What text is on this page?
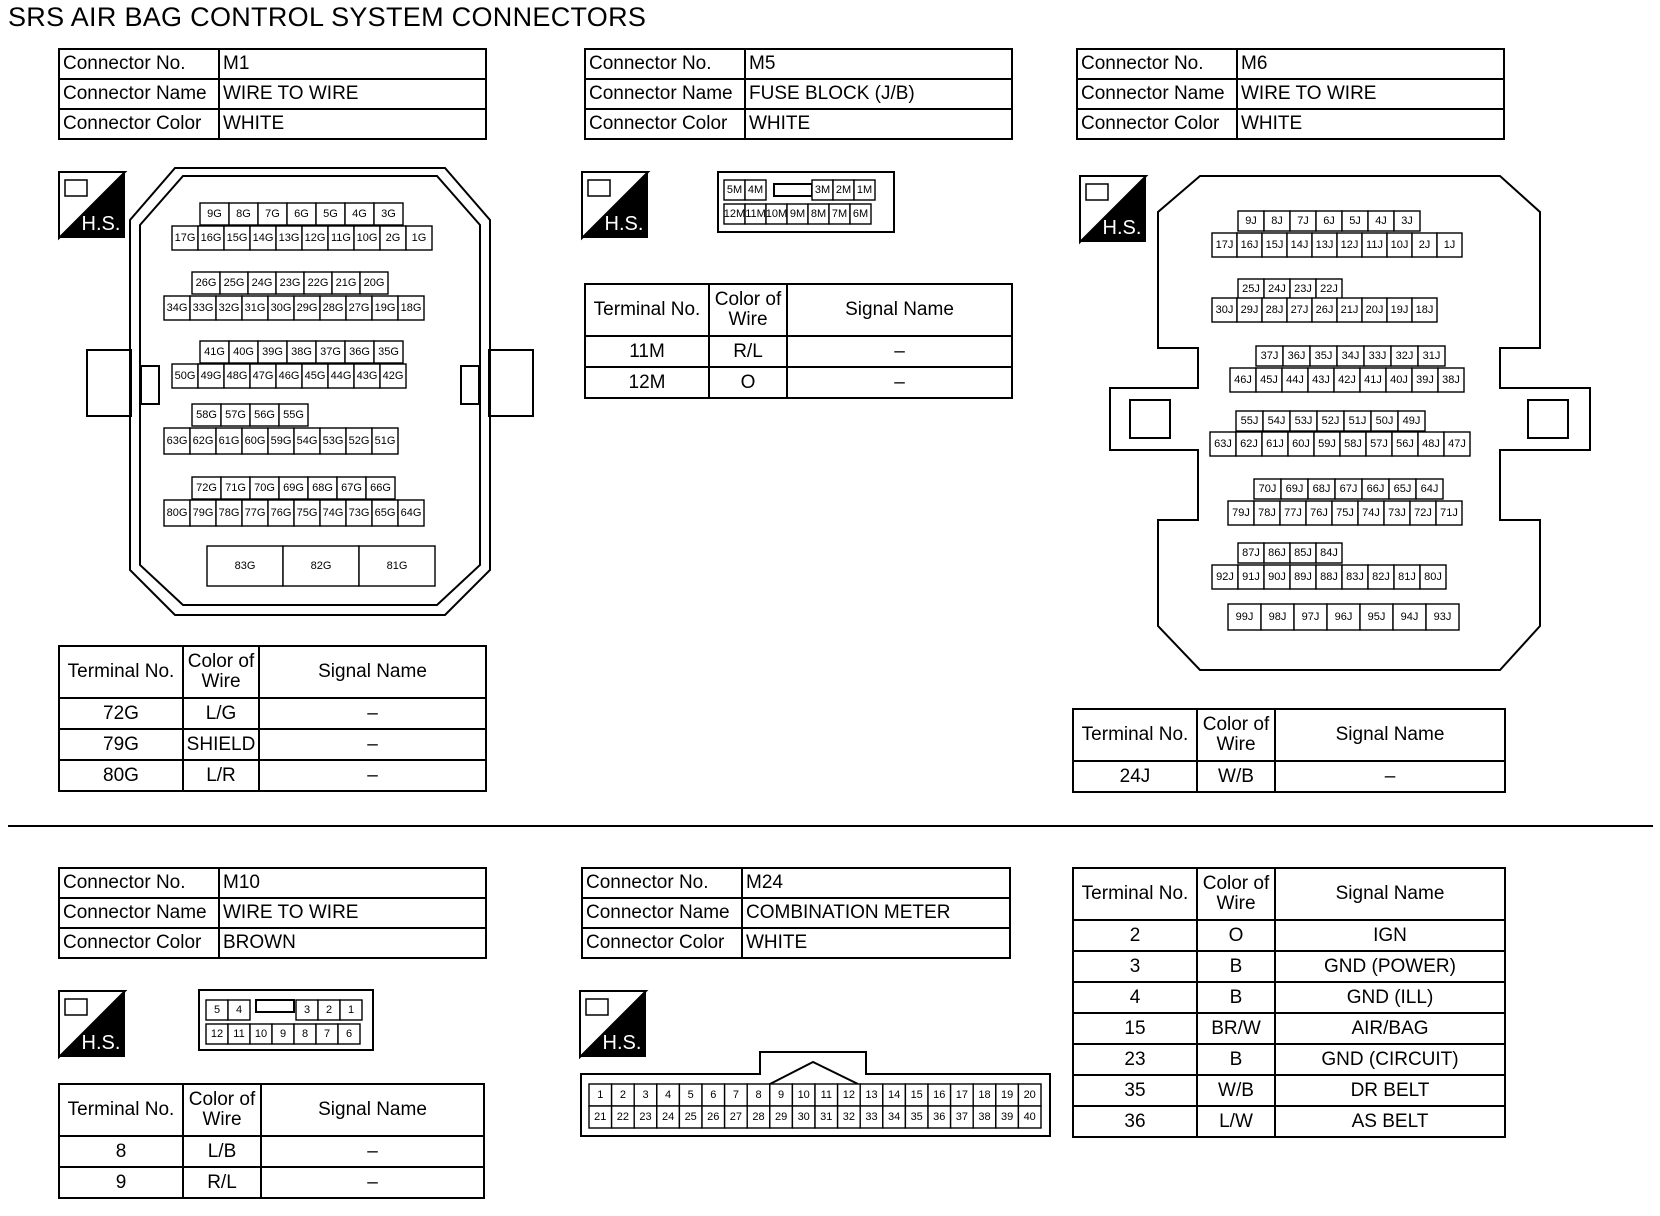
SRS AIR BAG CONTROL SYSTEM CONNECTORS
Connector No.	M1
Connector Name	WIRE TO WIRE
Connector Color	WHITE
Terminal No.	Color of Wire	Signal Name
72G	L/G	–
79G	SHIELD	–
80G	L/R	–
Connector No.	M5
Connector Name	FUSE BLOCK (J/B)
Connector Color	WHITE
Terminal No.	Color of Wire	Signal Name
11M	R/L	–
12M	O	–
Connector No.	M6
Connector Name	WIRE TO WIRE
Connector Color	WHITE
Terminal No.	Color of Wire	Signal Name
24J	W/B	–
Connector No.	M10
Connector Name	WIRE TO WIRE
Connector Color	BROWN
Terminal No.	Color of Wire	Signal Name
8	L/B	–
9	R/L	–
Connector No.	M24
Connector Name	COMBINATION METER
Connector Color	WHITE
Terminal No.	Color of Wire	Signal Name
2	O	IGN
3	B	GND (POWER)
4	B	GND (ILL)
15	BR/W	AIR/BAG
23	B	GND (CIRCUIT)
35	W/B	DR BELT
36	L/W	AS BELT
H.S.	H.S.	H.S.
H.S.	H.S.
9G 8G 7G 6G 5G 4G 3G
17G 16G 15G 14G 13G 12G 11G 10G 2G 1G
26G 25G 24G 23G 22G 21G 20G
34G 33G 32G 31G 30G 29G 28G 27G 19G 18G
41G 40G 39G 38G 37G 36G 35G
50G 49G 48G 47G 46G 45G 44G 43G 42G
58G 57G 56G 55G
63G 62G 61G 60G 59G 54G 53G 52G 51G
72G 71G 70G 69G 68G 67G 66G
80G 79G 78G 77G 76G 75G 74G 73G 65G 64G
83G	82G	81G
5M 4M	3M 2M 1M
12M 11M 10M 9M 8M 7M 6M
9J 8J 7J 6J 5J 4J 3J
17J 16J 15J 14J 13J 12J 11J 10J 2J 1J
25J 24J 23J 22J
30J 29J 28J 27J 26J 21J 20J 19J 18J
37J 36J 35J 34J 33J 32J 31J
46J 45J 44J 43J 42J 41J 40J 39J 38J
55J 54J 53J 52J 51J 50J 49J
63J 62J 61J 60J 59J 58J 57J 56J 48J 47J
70J 69J 68J 67J 66J 65J 64J
79J 78J 77J 76J 75J 74J 73J 72J 71J
87J 86J 85J 84J
92J 91J 90J 89J 88J 83J 82J 81J 80J
99J 98J 97J 96J 95J 94J 93J
5 4	3 2 1
12 11 10 9 8 7 6
1 2 3 4 5 6 7 8 9 10 11 12 13 14 15 16 17 18 19 20
21 22 23 24 25 26 27 28 29 30 31 32 33 34 35 36 37 38 39 40
